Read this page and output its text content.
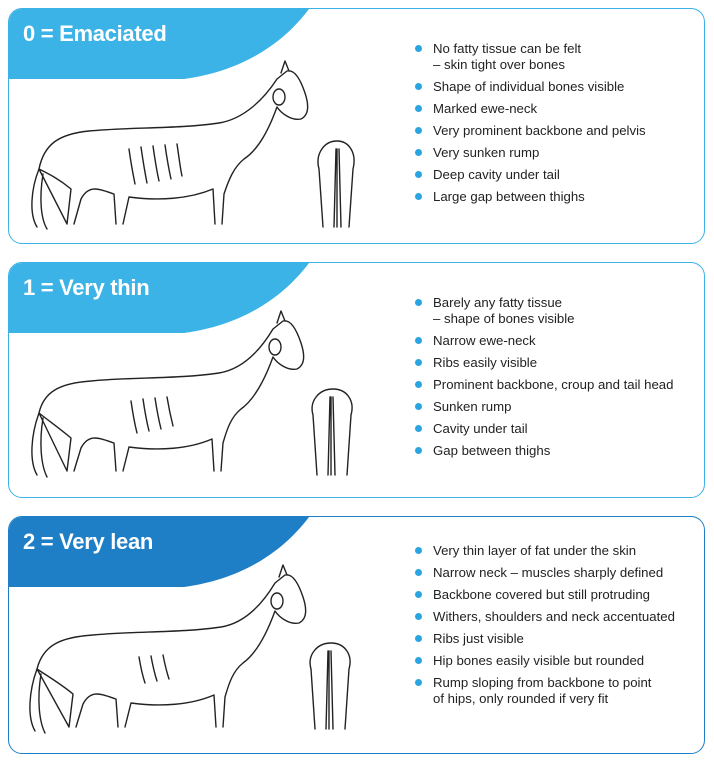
0 = Emaciated
No fatty tissue can be felt
– skin tight over bones
Shape of individual bones visible
Marked ewe-neck
Very prominent backbone and pelvis
Very sunken rump
Deep cavity under tail
Large gap between thighs
1 = Very thin
Barely any fatty tissue
– shape of bones visible
Narrow ewe-neck
Ribs easily visible
Prominent backbone, croup and tail head
Sunken rump
Cavity under tail
Gap between thighs
2 = Very lean	Very thin layer of fat under the skin
Narrow neck – muscles sharply defined
Backbone covered but still protruding
Withers, shoulders and neck accentuated
Ribs just visible
Hip bones easily visible but rounded
Rump sloping from backbone to point
of hips, only rounded if very fit
